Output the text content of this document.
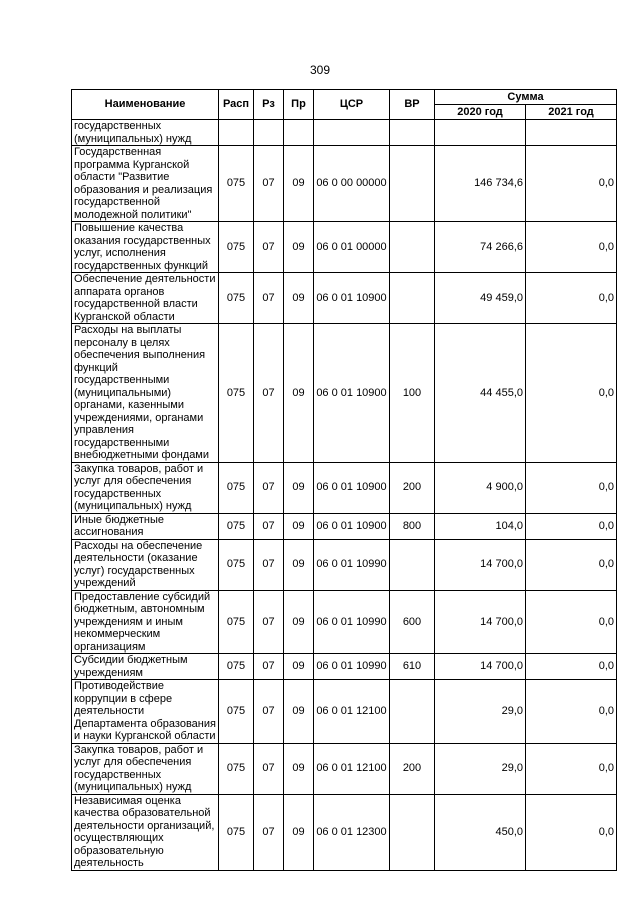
309
Наименование	Расп	Рз	Пр	ЦСР	ВР	Сумма	
						2020 год	2021 год
государственных (муниципальных) нужд							
Государственная программа Курганской области "Развитие образования и реализация государственной молодежной политики"	075	07	09	06 0 00 00000		146 734,6	0,0
Повышение качества оказания государственных услуг, исполнения государственных функций	075	07	09	06 0 01 00000		74 266,6	0,0
Обеспечение деятельности аппарата органов государственной власти Курганской области	075	07	09	06 0 01 10900		49 459,0	0,0
Расходы на выплаты персоналу в целях обеспечения выполнения функций государственными (муниципальными) органами, казенными учреждениями, органами управления государственными внебюджетными фондами	075	07	09	06 0 01 10900	100	44 455,0	0,0
Закупка товаров, работ и услуг для обеспечения государственных (муниципальных) нужд	075	07	09	06 0 01 10900	200	4 900,0	0,0
Иные бюджетные ассигнования	075	07	09	06 0 01 10900	800	104,0	0,0
Расходы на обеспечение деятельности (оказание услуг) государственных учреждений	075	07	09	06 0 01 10990		14 700,0	0,0
Предоставление субсидий бюджетным, автономным учреждениям и иным некоммерческим организациям	075	07	09	06 0 01 10990	600	14 700,0	0,0
Субсидии бюджетным учреждениям	075	07	09	06 0 01 10990	610	14 700,0	0,0
Противодействие коррупции в сфере деятельности Департамента образования и науки Курганской области	075	07	09	06 0 01 12100		29,0	0,0
Закупка товаров, работ и услуг для обеспечения государственных (муниципальных) нужд	075	07	09	06 0 01 12100	200	29,0	0,0
Независимая оценка качества образовательной деятельности организаций, осуществляющих образовательную деятельность	075	07	09	06 0 01 12300		450,0	0,0
